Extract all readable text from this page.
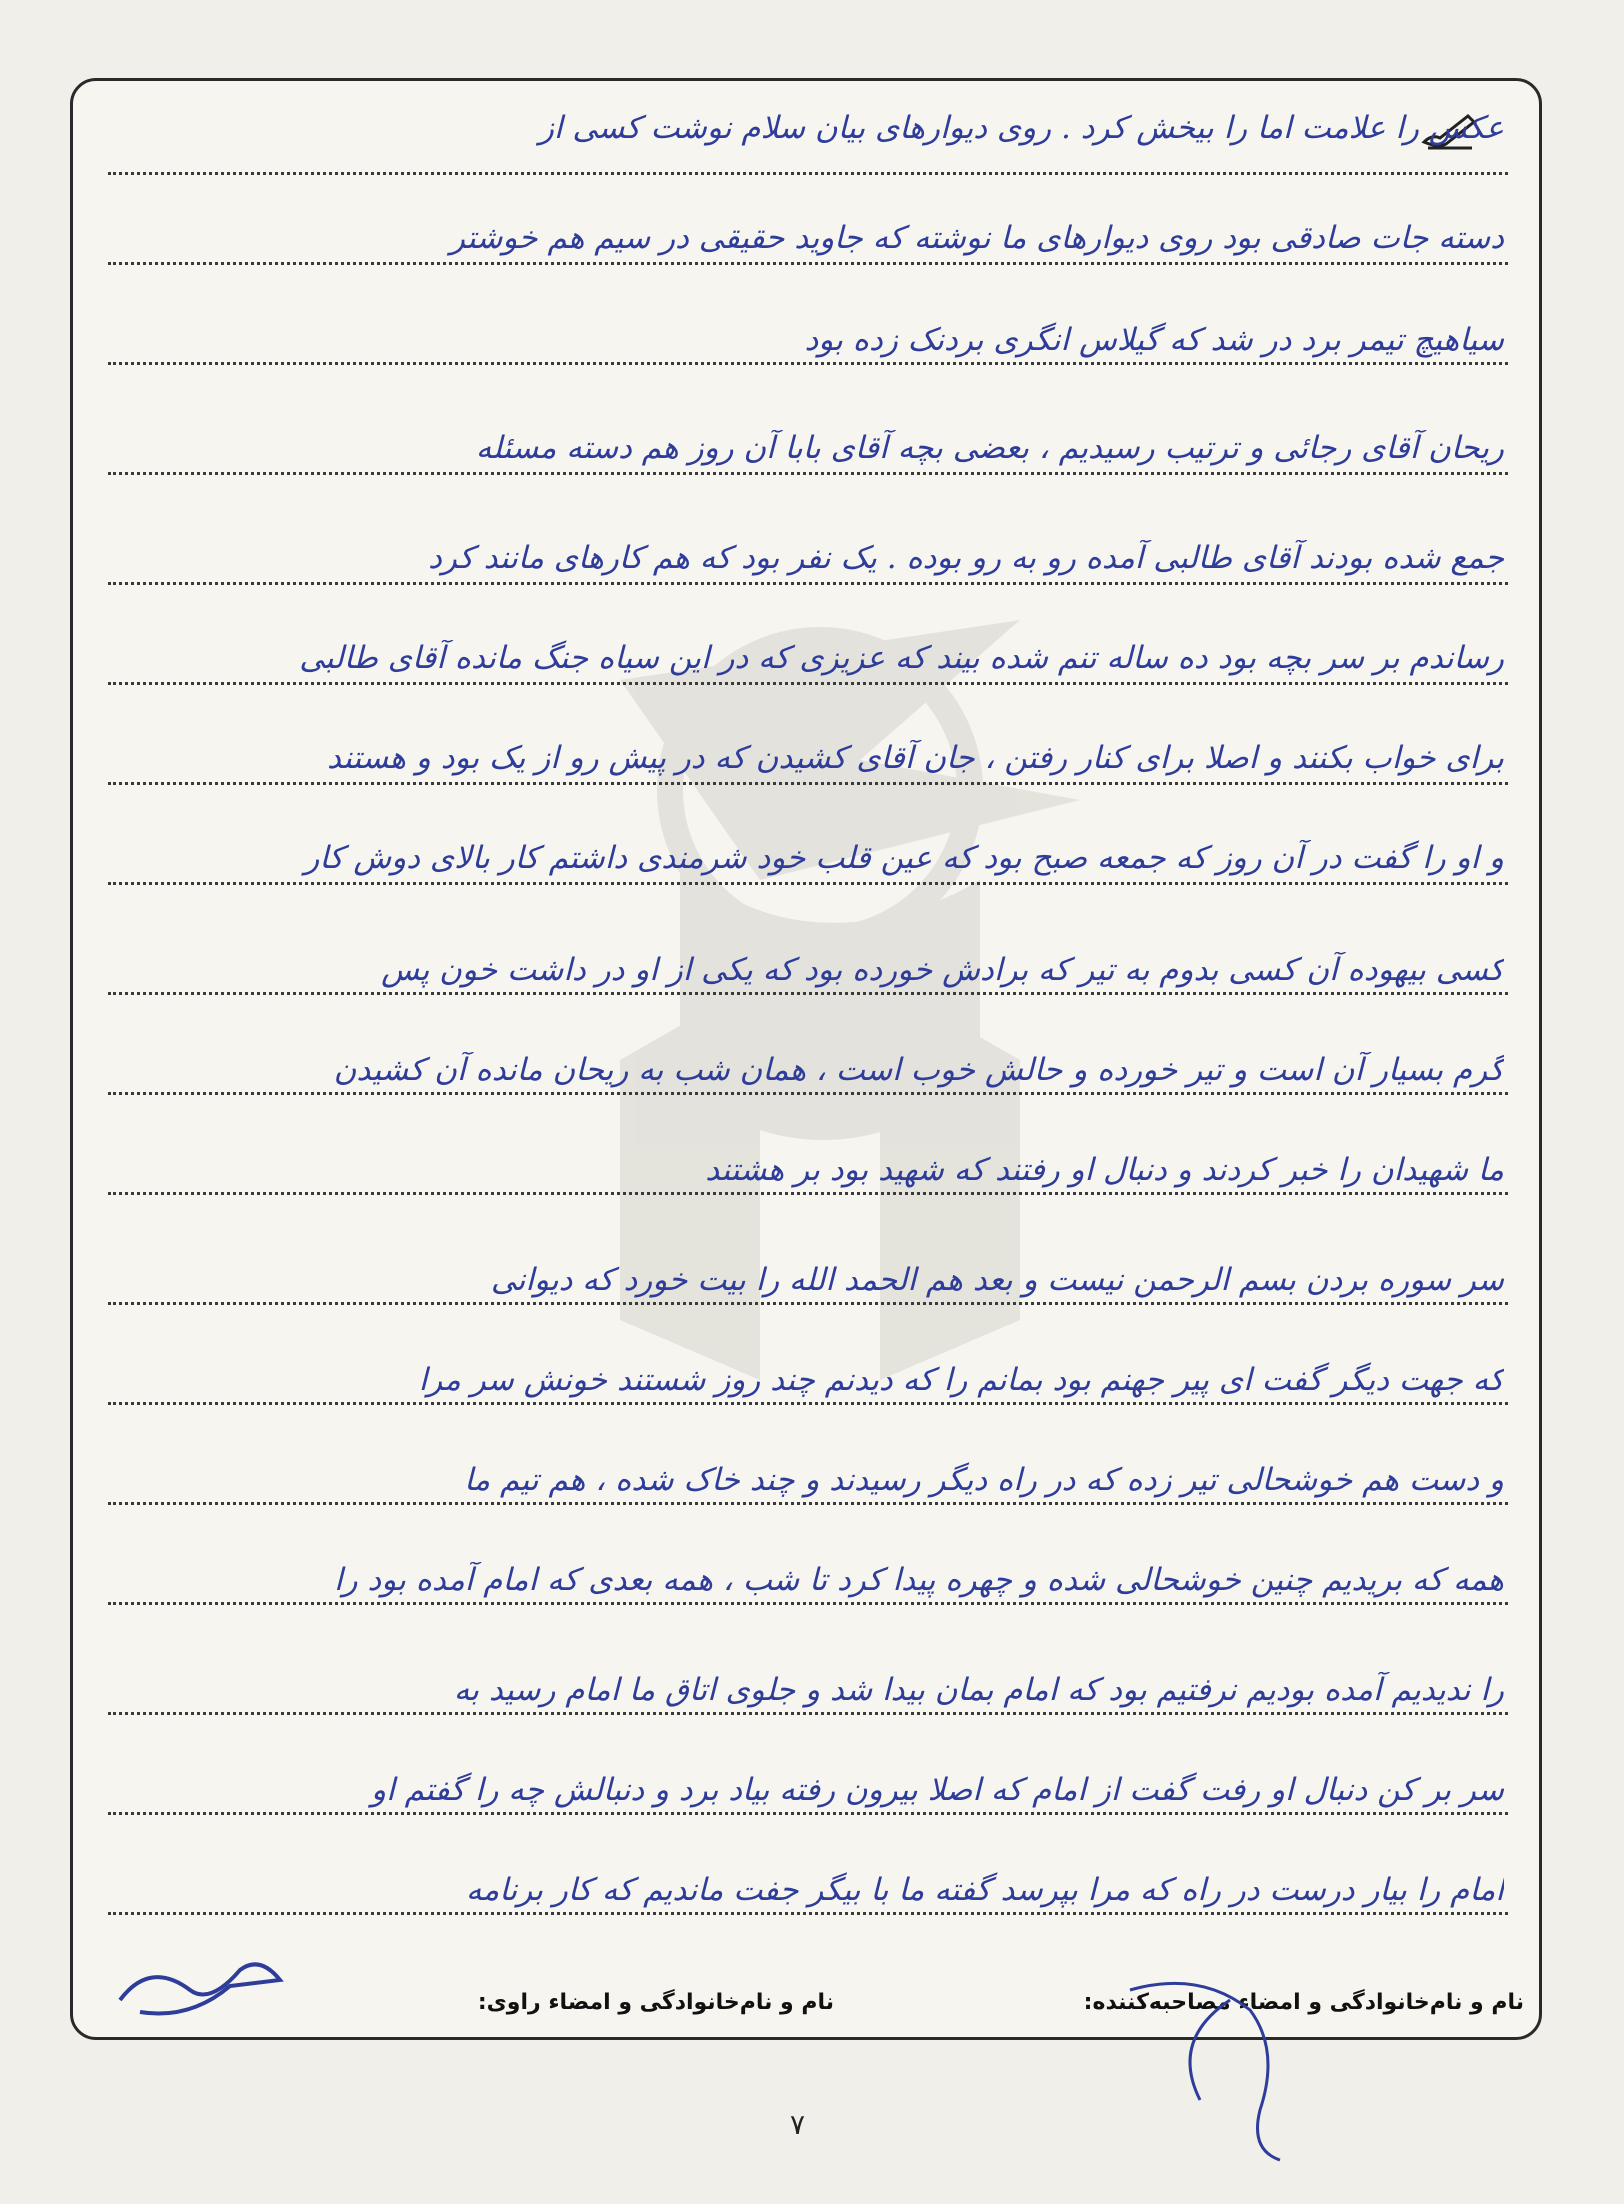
عکس را علامت اما را بیخش کرد . روی دیوارهای بیان سلام نوشت کسی از
دسته جات صادقی بود روی دیوارهای ما نوشته که جاوید حقیقی در سیم هم خوشتر
سیاهیچ تیمر برد در شد که گیلاس انگری بردنک زده بود
ریحان آقای رجائی و ترتیب رسیدیم ، بعضی بچه آقای بابا آن روز هم دسته مسئله
جمع شده بودند آقای طالبی آمده رو به رو بوده . یک نفر بود که هم کارهای مانند کرد
رساندم بر سر بچه بود ده ساله تنم شده بیند که عزیزی که در این سیاه جنگ مانده آقای طالبی
برای خواب بکنند و اصلا برای کنار رفتن ، جان آقای کشیدن که در پیش رو از یک بود و هستند
و او را گفت در آن روز که جمعه صبح بود که عین قلب خود شرمندی داشتم کار بالای دوش کار
کسی بیهوده آن کسی بدوم به تیر که برادش خورده بود که یکی از او در داشت خون پس
گرم بسیار آن است و تیر خورده و حالش خوب است ، همان شب به ریحان مانده آن کشیدن
ما شهیدان را خبر کردند و دنبال او رفتند که شهید بود بر هشتند
سر سوره بردن بسم الرحمن نیست و بعد هم الحمد الله را بیت خورد که دیوانی
که جهت دیگر گفت ای پیر جهنم بود بمانم را که دیدنم چند روز شستند خونش سر مرا
و دست هم خوشحالی تیر زده که در راه دیگر رسیدند و چند خاک شده ، هم تیم ما
همه که بریدیم چنین خوشحالی شده و چهره پیدا کرد تا شب ، همه بعدی که امام آمده بود را
را ندیدیم آمده بودیم نرفتیم بود که امام بمان بیدا شد و جلوی اتاق ما امام رسید به
سر بر کن دنبال او رفت گفت از امام که اصلا بیرون رفته بیاد برد و دنبالش چه را گفتم او
امام را بیار درست در راه که مرا بپرسد گفته ما با بیگر جفت ماندیم که کار برنامه
نام و نام‌خانوادگی و امضاء مصاحبه‌کننده:
نام و نام‌خانوادگی و امضاء راوی:
۷
